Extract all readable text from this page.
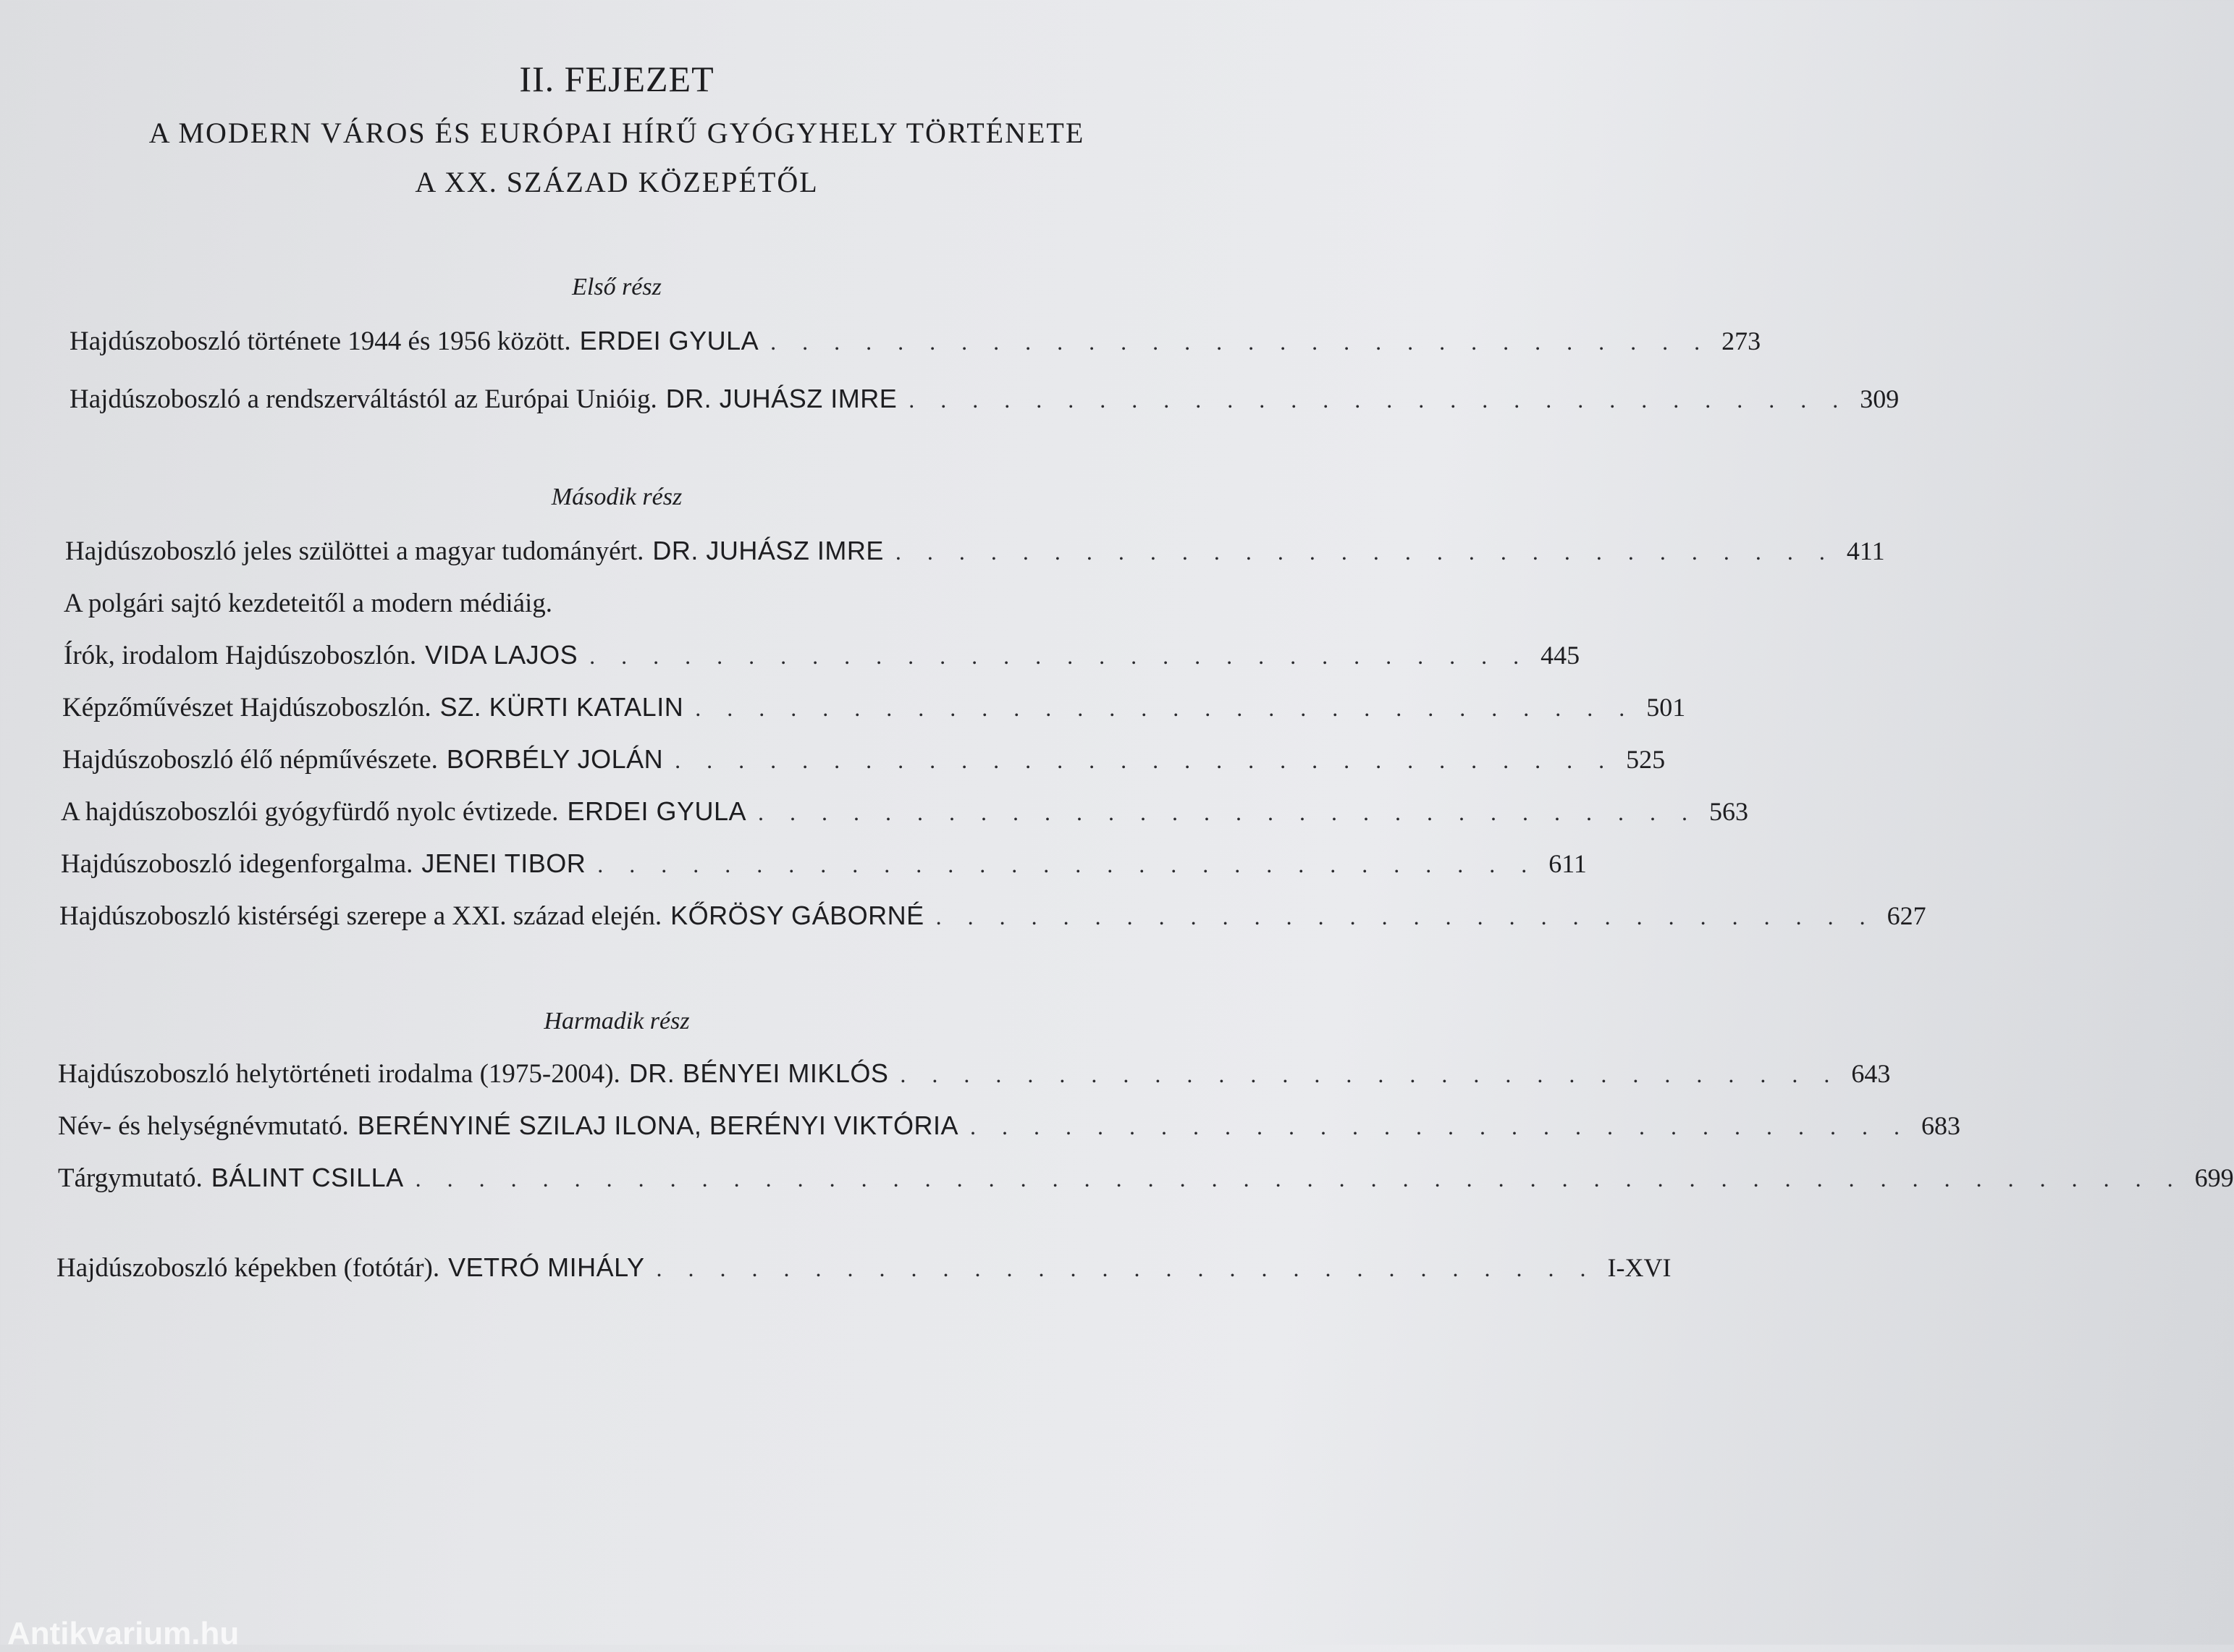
II. FEJEZET
A MODERN VÁROS ÉS EURÓPAI HÍRŰ GYÓGYHELY TÖRTÉNETE
A XX. SZÁZAD KÖZEPÉTŐL
Első rész
Második rész
Harmadik rész
Hajdúszoboszló története 1944 és 1956 között. ERDEI GYULA . . . . . . . . . . . . . . . . . . . . . . . . . . . . . . 273
Hajdúszoboszló a rendszerváltástól az Európai Unióig. DR. JUHÁSZ IMRE . . . . . . . . . . . . . . . . . . . . . . . . . . . . . . 309
Hajdúszoboszló jeles szülöttei a magyar tudományért. DR. JUHÁSZ IMRE . . . . . . . . . . . . . . . . . . . . . . . . . . . . . . 411
A polgári sajtó kezdeteitől a modern médiáig.
Írók, irodalom Hajdúszoboszlón. VIDA LAJOS . . . . . . . . . . . . . . . . . . . . . . . . . . . . . . 445
Képzőművészet Hajdúszoboszlón. SZ. KÜRTI KATALIN . . . . . . . . . . . . . . . . . . . . . . . . . . . . . . 501
Hajdúszoboszló élő népművészete. BORBÉLY JOLÁN . . . . . . . . . . . . . . . . . . . . . . . . . . . . . . 525
A hajdúszoboszlói gyógyfürdő nyolc évtizede. ERDEI GYULA . . . . . . . . . . . . . . . . . . . . . . . . . . . . . . 563
Hajdúszoboszló idegenforgalma. JENEI TIBOR . . . . . . . . . . . . . . . . . . . . . . . . . . . . . . 611
Hajdúszoboszló kistérségi szerepe a XXI. század elején. KŐRÖSY GÁBORNÉ . . . . . . . . . . . . . . . . . . . . . . . . . . . . . . 627
Hajdúszoboszló helytörténeti irodalma (1975-2004). DR. BÉNYEI MIKLÓS . . . . . . . . . . . . . . . . . . . . . . . . . . . . . . 643
Név- és helységnévmutató. BERÉNYINÉ SZILAJ ILONA, BERÉNYI VIKTÓRIA . . . . . . . . . . . . . . . . . . . . . . . . . . . . . . 683
Tárgymutató. BÁLINT CSILLA . . . . . . . . . . . . . . . . . . . . . . . . . . . . . . . . . . . . . . . . . . . . . . . . . . . . . . . . 699
Hajdúszoboszló képekben (fotótár). VETRÓ MIHÁLY . . . . . . . . . . . . . . . . . . . . . . . . . . . . . . I-XVI
Antikvarium.hu
